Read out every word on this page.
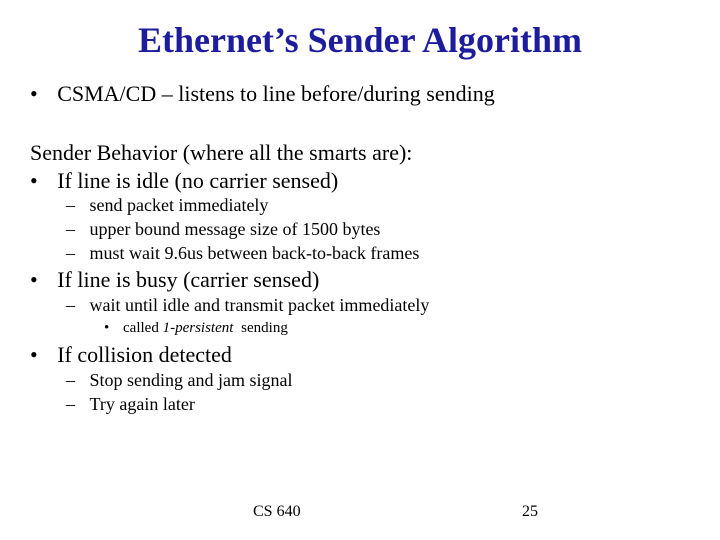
Ethernet’s Sender Algorithm
• CSMA/CD – listens to line before/during sending
Sender Behavior (where all the smarts are):
• If line is idle (no carrier sensed)
– send packet immediately
– upper bound message size of 1500 bytes
– must wait 9.6us between back-to-back frames
• If line is busy (carrier sensed)
– wait until idle and transmit packet immediately
• called 1-persistent sending
• If collision detected
– Stop sending and jam signal
– Try again later
CS 640	25
